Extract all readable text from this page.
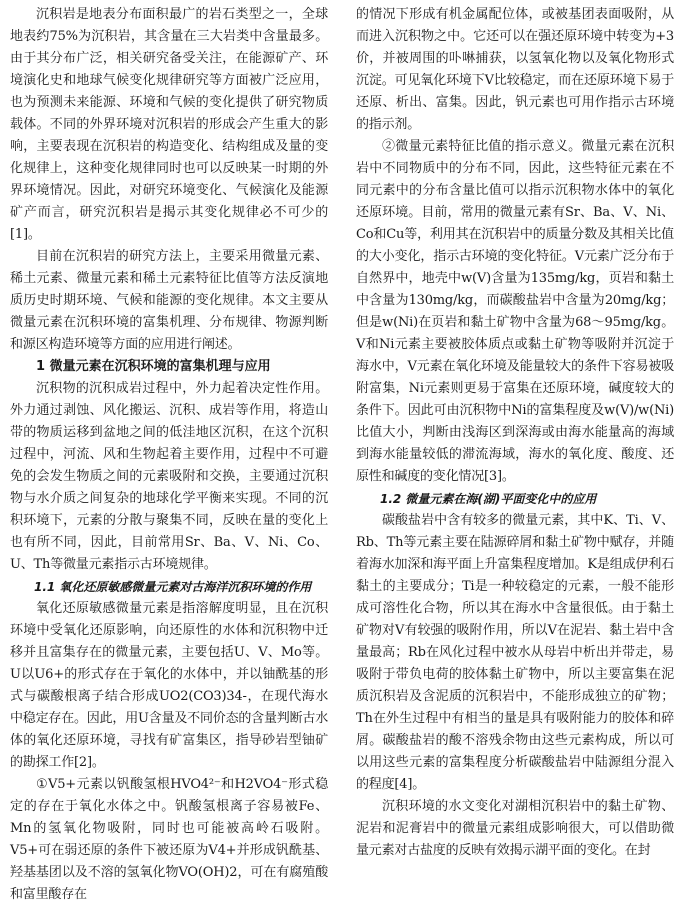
沉积岩是地表分布面积最广的岩石类型之一，全球地表约75%为沉积岩，其含量在三大岩类中含量最多。由于其分布广泛，相关研究备受关注，在能源矿产、环境演化史和地球气候变化规律研究等方面被广泛应用，也为预测未来能源、环境和气候的变化提供了研究物质载体。不同的外界环境对沉积岩的形成会产生重大的影响，主要表现在沉积岩的构造变化、结构组成及量的变化规律上，这种变化规律同时也可以反映某一时期的外界环境情况。因此，对研究环境变化、气候演化及能源矿产而言，研究沉积岩是揭示其变化规律必不可少的[1]。

目前在沉积岩的研究方法上，主要采用微量元素、稀土元素、微量元素和稀土元素特征比值等方法反演地质历史时期环境、气候和能源的变化规律。本文主要从微量元素在沉积环境的富集机理、分布规律、物源判断和源区构造环境等方面的应用进行阐述。

1 微量元素在沉积环境的富集机理与应用

沉积物的沉积成岩过程中，外力起着决定性作用。外力通过剥蚀、风化搬运、沉积、成岩等作用，将造山带的物质运移到盆地之间的低洼地区沉积，在这个沉积过程中，河流、风和生物起着主要作用，过程中不可避免的会发生物质之间的元素吸附和交换，主要通过沉积物与水介质之间复杂的地球化学平衡来实现。不同的沉积环境下，元素的分散与聚集不同，反映在量的变化上也有所不同，因此，目前常用Sr、Ba、V、Ni、Co、U、Th等微量元素指示古环境规律。

1.1 氧化还原敏感微量元素对古海洋沉积环境的作用

氧化还原敏感微量元素是指溶解度明显，且在沉积环境中受氧化还原影响，向还原性的水体和沉积物中迁移并且富集存在的微量元素，主要包括U、V、Mo等。U以U6+的形式存在于氧化的水体中，并以铀酰基的形式与碳酸根离子结合形成UO2(CO3)34-，在现代海水中稳定存在。因此，用U含量及不同价态的含量判断古水体的氧化还原环境，寻找有矿富集区，指导砂岩型铀矿的勘探工作[2]。

①V5+元素以钒酸氢根HVO4²⁻和H2VO4⁻形式稳定的存在于氧化水体之中。钒酸氢根离子容易被Fe、Mn的氢氧化物吸附，同时也可能被高岭石吸附。V5+可在弱还原的条件下被还原为V4+并形成钒酰基、羟基基团以及不溶的氢氧化物VO(OH)2，可在有腐殖酸和富里酸存在

的情况下形成有机金属配位体，或被基团表面吸附，从而进入沉积物之中。它还可以在强还原环境中转变为+3价，并被周围的卟啉捕获，以氢氧化物以及氧化物形式沉淀。可见氧化环境下V比较稳定，而在还原环境下易于还原、析出、富集。因此，钒元素也可用作指示古环境的指示剂。

②微量元素特征比值的指示意义。微量元素在沉积岩中不同物质中的分布不同，因此，这些特征元素在不同元素中的分布含量比值可以指示沉积物水体中的氧化还原环境。目前，常用的微量元素有Sr、Ba、V、Ni、Co和Cu等，利用其在沉积岩中的质量分数及其相关比值的大小变化，指示古环境的变化特征。V元素广泛分布于自然界中，地壳中w(V)含量为135mg/kg，页岩和黏土中含量为130mg/kg，而碳酸盐岩中含量为20mg/kg；但是w(Ni)在页岩和黏土矿物中含量为68～95mg/kg。V和Ni元素主要被胶体质点或黏土矿物等吸附并沉淀于海水中，V元素在氧化环境及能量较大的条件下容易被吸附富集，Ni元素则更易于富集在还原环境，碱度较大的条件下。因此可由沉积物中Ni的富集程度及w(V)/w(Ni)比值大小，判断由浅海区到深海或由海水能量高的海域到海水能量较低的滞流海域，海水的氧化度、酸度、还原性和碱度的变化情况[3]。

1.2 微量元素在海(湖)平面变化中的应用

碳酸盐岩中含有较多的微量元素，其中K、Ti、V、Rb、Th等元素主要在陆源碎屑和黏土矿物中赋存，并随着海水加深和海平面上升富集程度增加。K是组成伊利石黏土的主要成分；Ti是一种较稳定的元素，一般不能形成可溶性化合物，所以其在海水中含量很低。由于黏土矿物对V有较强的吸附作用，所以V在泥岩、黏土岩中含量最高；Rb在风化过程中被水从母岩中析出并带走，易吸附于带负电荷的胶体黏土矿物中，所以主要富集在泥质沉积岩及含泥质的沉积岩中，不能形成独立的矿物；Th在外生过程中有相当的量是具有吸附能力的胶体和碎屑。碳酸盐岩的酸不溶残余物由这些元素构成，所以可以用这些元素的富集程度分析碳酸盐岩中陆源组分混入的程度[4]。

沉积环境的水文变化对湖相沉积岩中的黏土矿物、泥岩和泥膏岩中的微量元素组成影响很大，可以借助微量元素对古盐度的反映有效揭示湖平面的变化。在封
